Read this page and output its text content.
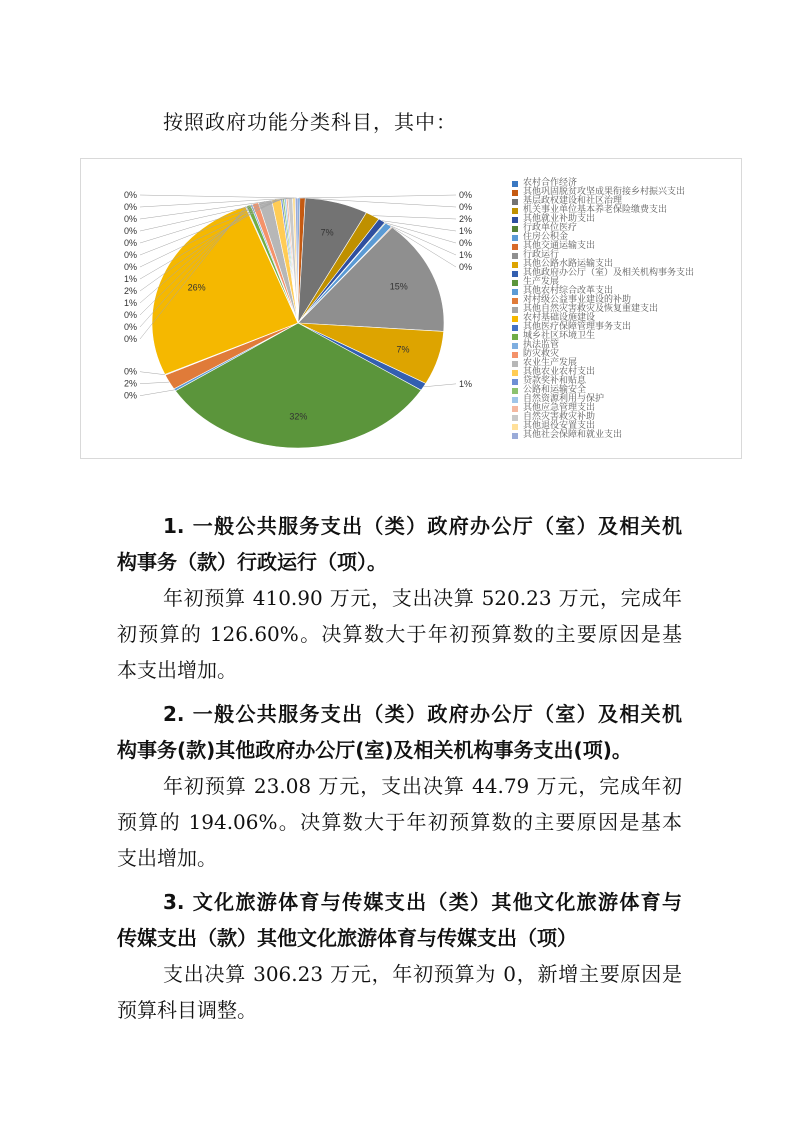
按照政府功能分类科目，其中：
7%
15%
7%
32%
26%
0%
0%
2%
1%
0%
1%
0%
1%
0%
0%
0%
0%
0%
0%
0%
1%
2%
1%
0%
0%
0%
0%
2%
0%
农村合作经济
其他巩固脱贫攻坚成果衔接乡村振兴支出
基层政权建设和社区治理
机关事业单位基本养老保险缴费支出
其他就业补助支出
行政单位医疗
住房公积金
其他交通运输支出
行政运行
其他公路水路运输支出
其他政府办公厅（室）及相关机构事务支出
生产发展
其他农村综合改革支出
对村级公益事业建设的补助
其他自然灾害救灾及恢复重建支出
农村基础设施建设
其他医疗保障管理事务支出
城乡社区环境卫生
执法监管
防灾救灾
农业生产发展
其他农业农村支出
贷款奖补和贴息
公路和运输安全
自然资源利用与保护
其他应急管理支出
自然灾害救灾补助
其他退役安置支出
其他社会保障和就业支出
1. 一般公共服务支出（类）政府办公厅（室）及相关机
构事务（款）行政运行（项）。
年初预算 410.90 万元，支出决算 520.23 万元，完成年
初预算的 126.60%。决算数大于年初预算数的主要原因是基
本支出增加。
2. 一般公共服务支出（类）政府办公厅（室）及相关机
构事务(款)其他政府办公厅(室)及相关机构事务支出(项)。
年初预算 23.08 万元，支出决算 44.79 万元，完成年初
预算的 194.06%。决算数大于年初预算数的主要原因是基本
支出增加。
3. 文化旅游体育与传媒支出（类）其他文化旅游体育与
传媒支出（款）其他文化旅游体育与传媒支出（项）
支出决算 306.23 万元，年初预算为 0，新增主要原因是
预算科目调整。
